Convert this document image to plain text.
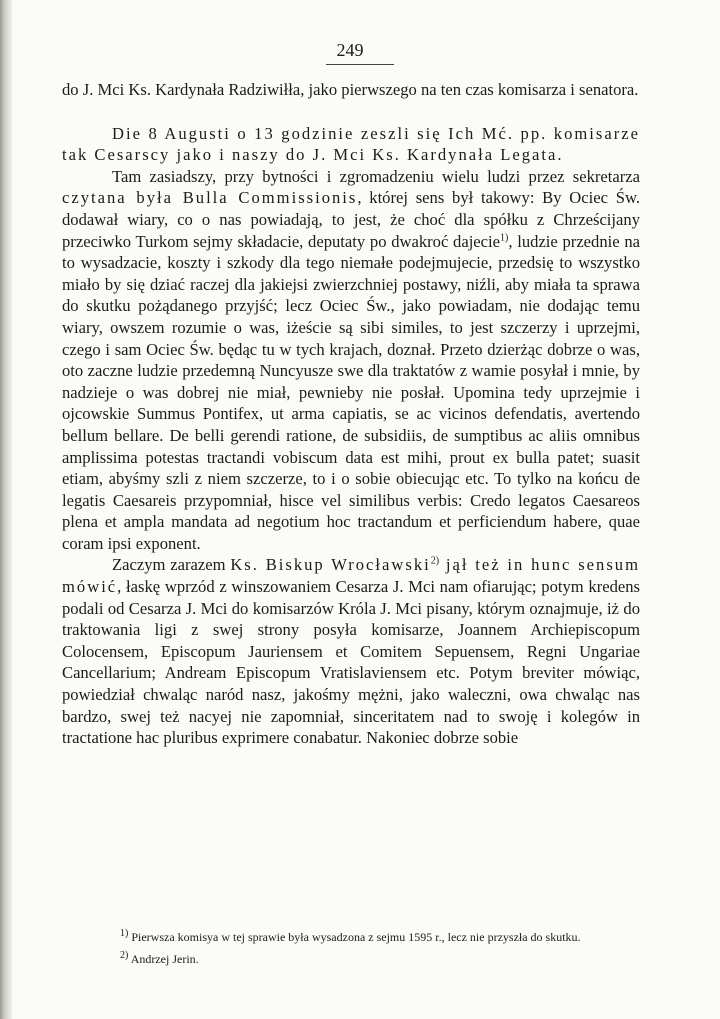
249

do J. Mci Ks. Kardynała Radziwiłła, jako pierwszego na ten czas komisarza i senatora.

Die 8 Augusti o 13 godzinie zeszli się Ich Mć. pp. komisarze tak Cesarscy jako i naszy do J. Mci Ks. Kardynała Legata.

Tam zasiadszy, przy bytności i zgromadzeniu wielu ludzi przez sekretarza czytana była Bulla Commissionis, której sens był takowy: By Ociec Św. dodawał wiary, co o nas powiadają, to jest, że choć dla spółku z Chrześcijany przeciwko Turkom sejmy składacie, deputaty po dwakroć dajecie$^{1)}$, ludzie przednie na to wysadzacie, koszty i szkody dla tego niemałe podejmujecie, przedsię to wszystko miało by się dziać raczej dla jakiejsi zwierzchniej postawy, niźli, aby miała ta sprawa do skutku pożądanego przyjść; lecz Ociec Św., jako powiadam, nie dodając temu wiary, owszem rozumie o was, iżeście są sibi similes, to jest szczerzy i uprzejmi, czego i sam Ociec Św. będąc tu w tych krajach, doznał. Przeto dzierżąc dobrze o was, oto zaczne ludzie przedemną Nuncyusze swe dla traktatów z wamie posyłał i mnie, by nadzieje o was dobrej nie miał, pewnieby nie posłał. Upomina tedy uprzejmie i ojcowskie Summus Pontifex, ut arma capiatis, se ac vicinos defendatis, avertendo bellum bellare. De belli gerendi ratione, de subsidiis, de sumptibus ac aliis omnibus amplissima potestas tractandi vobiscum data est mihi, prout ex bulla patet; suasit etiam, abyśmy szli z niem szczerze, to i o sobie obiecując etc. To tylko na końcu de legatis Caesareis przypomniał, hisce vel similibus verbis: Credo legatos Caesareos plena et ampla mandata ad negotium hoc tractandum et perficiendum habere, quae coram ipsi exponent.

Zaczym zarazem Ks. Biskup Wrocławski$^{2)}$ jął też in hunc sensum mówić, łaskę wprzód z winszowaniem Cesarza J. Mci nam ofiarując; potym kredens podali od Cesarza J. Mci do komisarzów Króla J. Mci pisany, którym oznajmuje, iż do traktowania ligi z swej strony posyła komisarze, Joannem Archiepiscopum Colocensem, Episcopum Jauriensem et Comitem Sepuensem, Regni Ungariae Cancellarium; Andream Episcopum Vratislaviensem etc. Potym breviter mówiąc, powiedział chwaląc naród nasz, jakośmy mężni, jako waleczni, owa chwaląc nas bardzo, swej też nacyej nie zapomniał, sinceritatem nad to swoję i kolegów in tractatione hac pluribus exprimere conabatur. Nakoniec dobrze sobie

$^{1)}$ Pierwsza komisya w tej sprawie była wysadzona z sejmu 1595 r., lecz nie przyszła do skutku.

$^{2)}$ Andrzej Jerin.
